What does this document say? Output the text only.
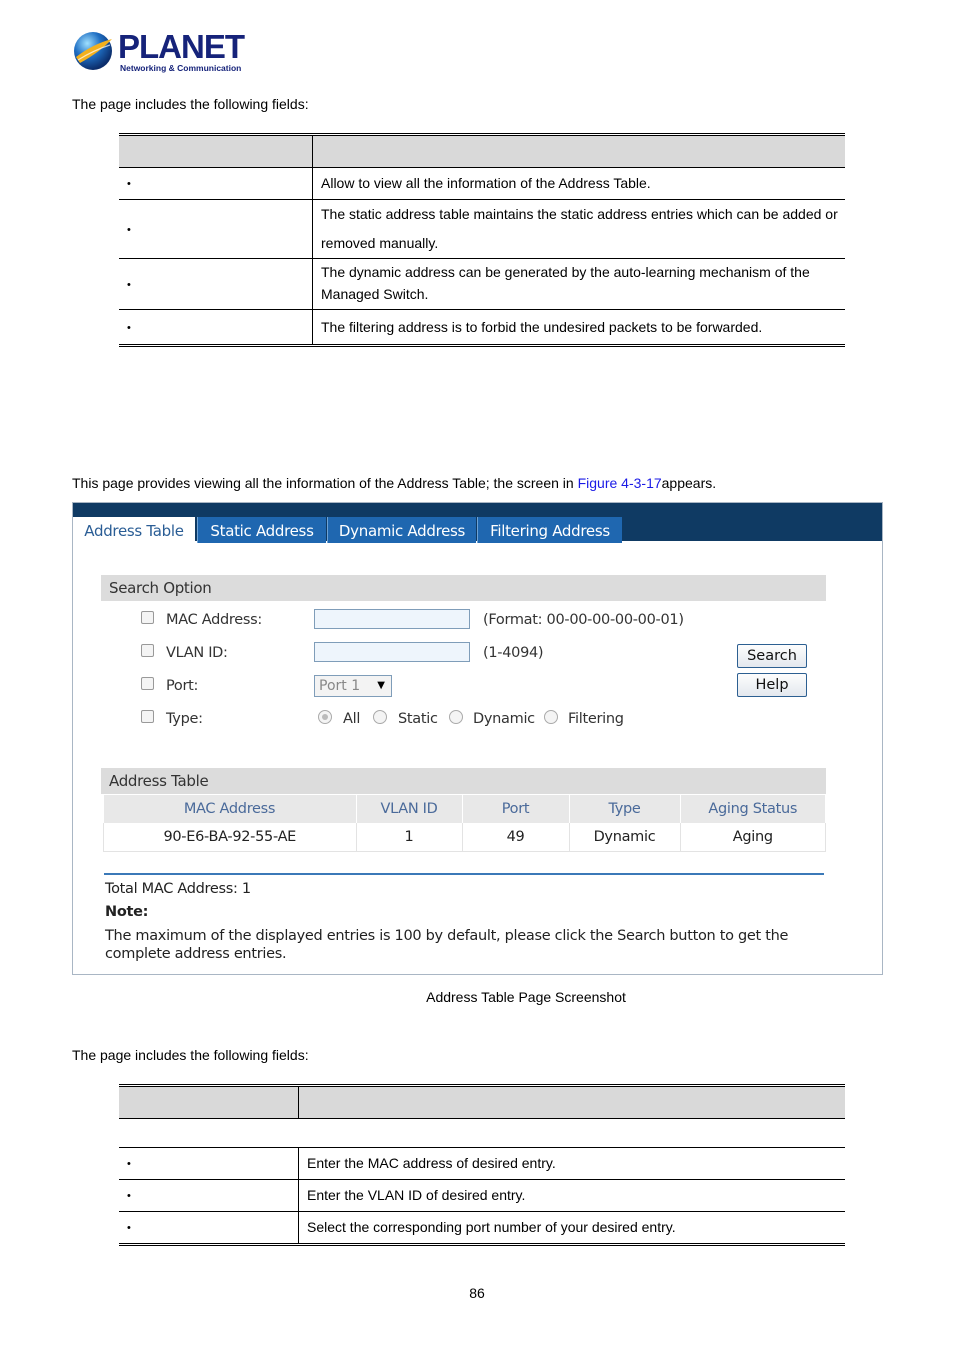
PLANET
Networking & Communication
The page includes the following fields:

•	Allow to view all the information of the Address Table.
•	The static address table maintains the static address entries which can be added or removed manually.
•	The dynamic address can be generated by the auto-learning mechanism of the Managed Switch.
•	The filtering address is to forbid the undesired packets to be forwarded.
This page provides viewing all the information of the Address Table; the screen in Figure 4-3-17appears.
Address Table	Static Address	Dynamic Address	Filtering Address
Search Option
MAC Address:	(Format: 00-00-00-00-00-01)
VLAN ID:	(1-4094)
Port:	Port 1 ▼
Type:	All	Static Dynamic Filtering
Search
Help
Address Table
MAC Address	VLAN ID	Port	Type	Aging Status
90-E6-BA-92-55-AE	1	49	Dynamic	Aging
Total MAC Address: 1
Note:
The maximum of the displayed entries is 100 by default, please click the Search button to get the complete address entries.
Address Table Page Screenshot
The page includes the following fields:

•	Enter the MAC address of desired entry.
•	Enter the VLAN ID of desired entry.
•	Select the corresponding port number of your desired entry.
86
